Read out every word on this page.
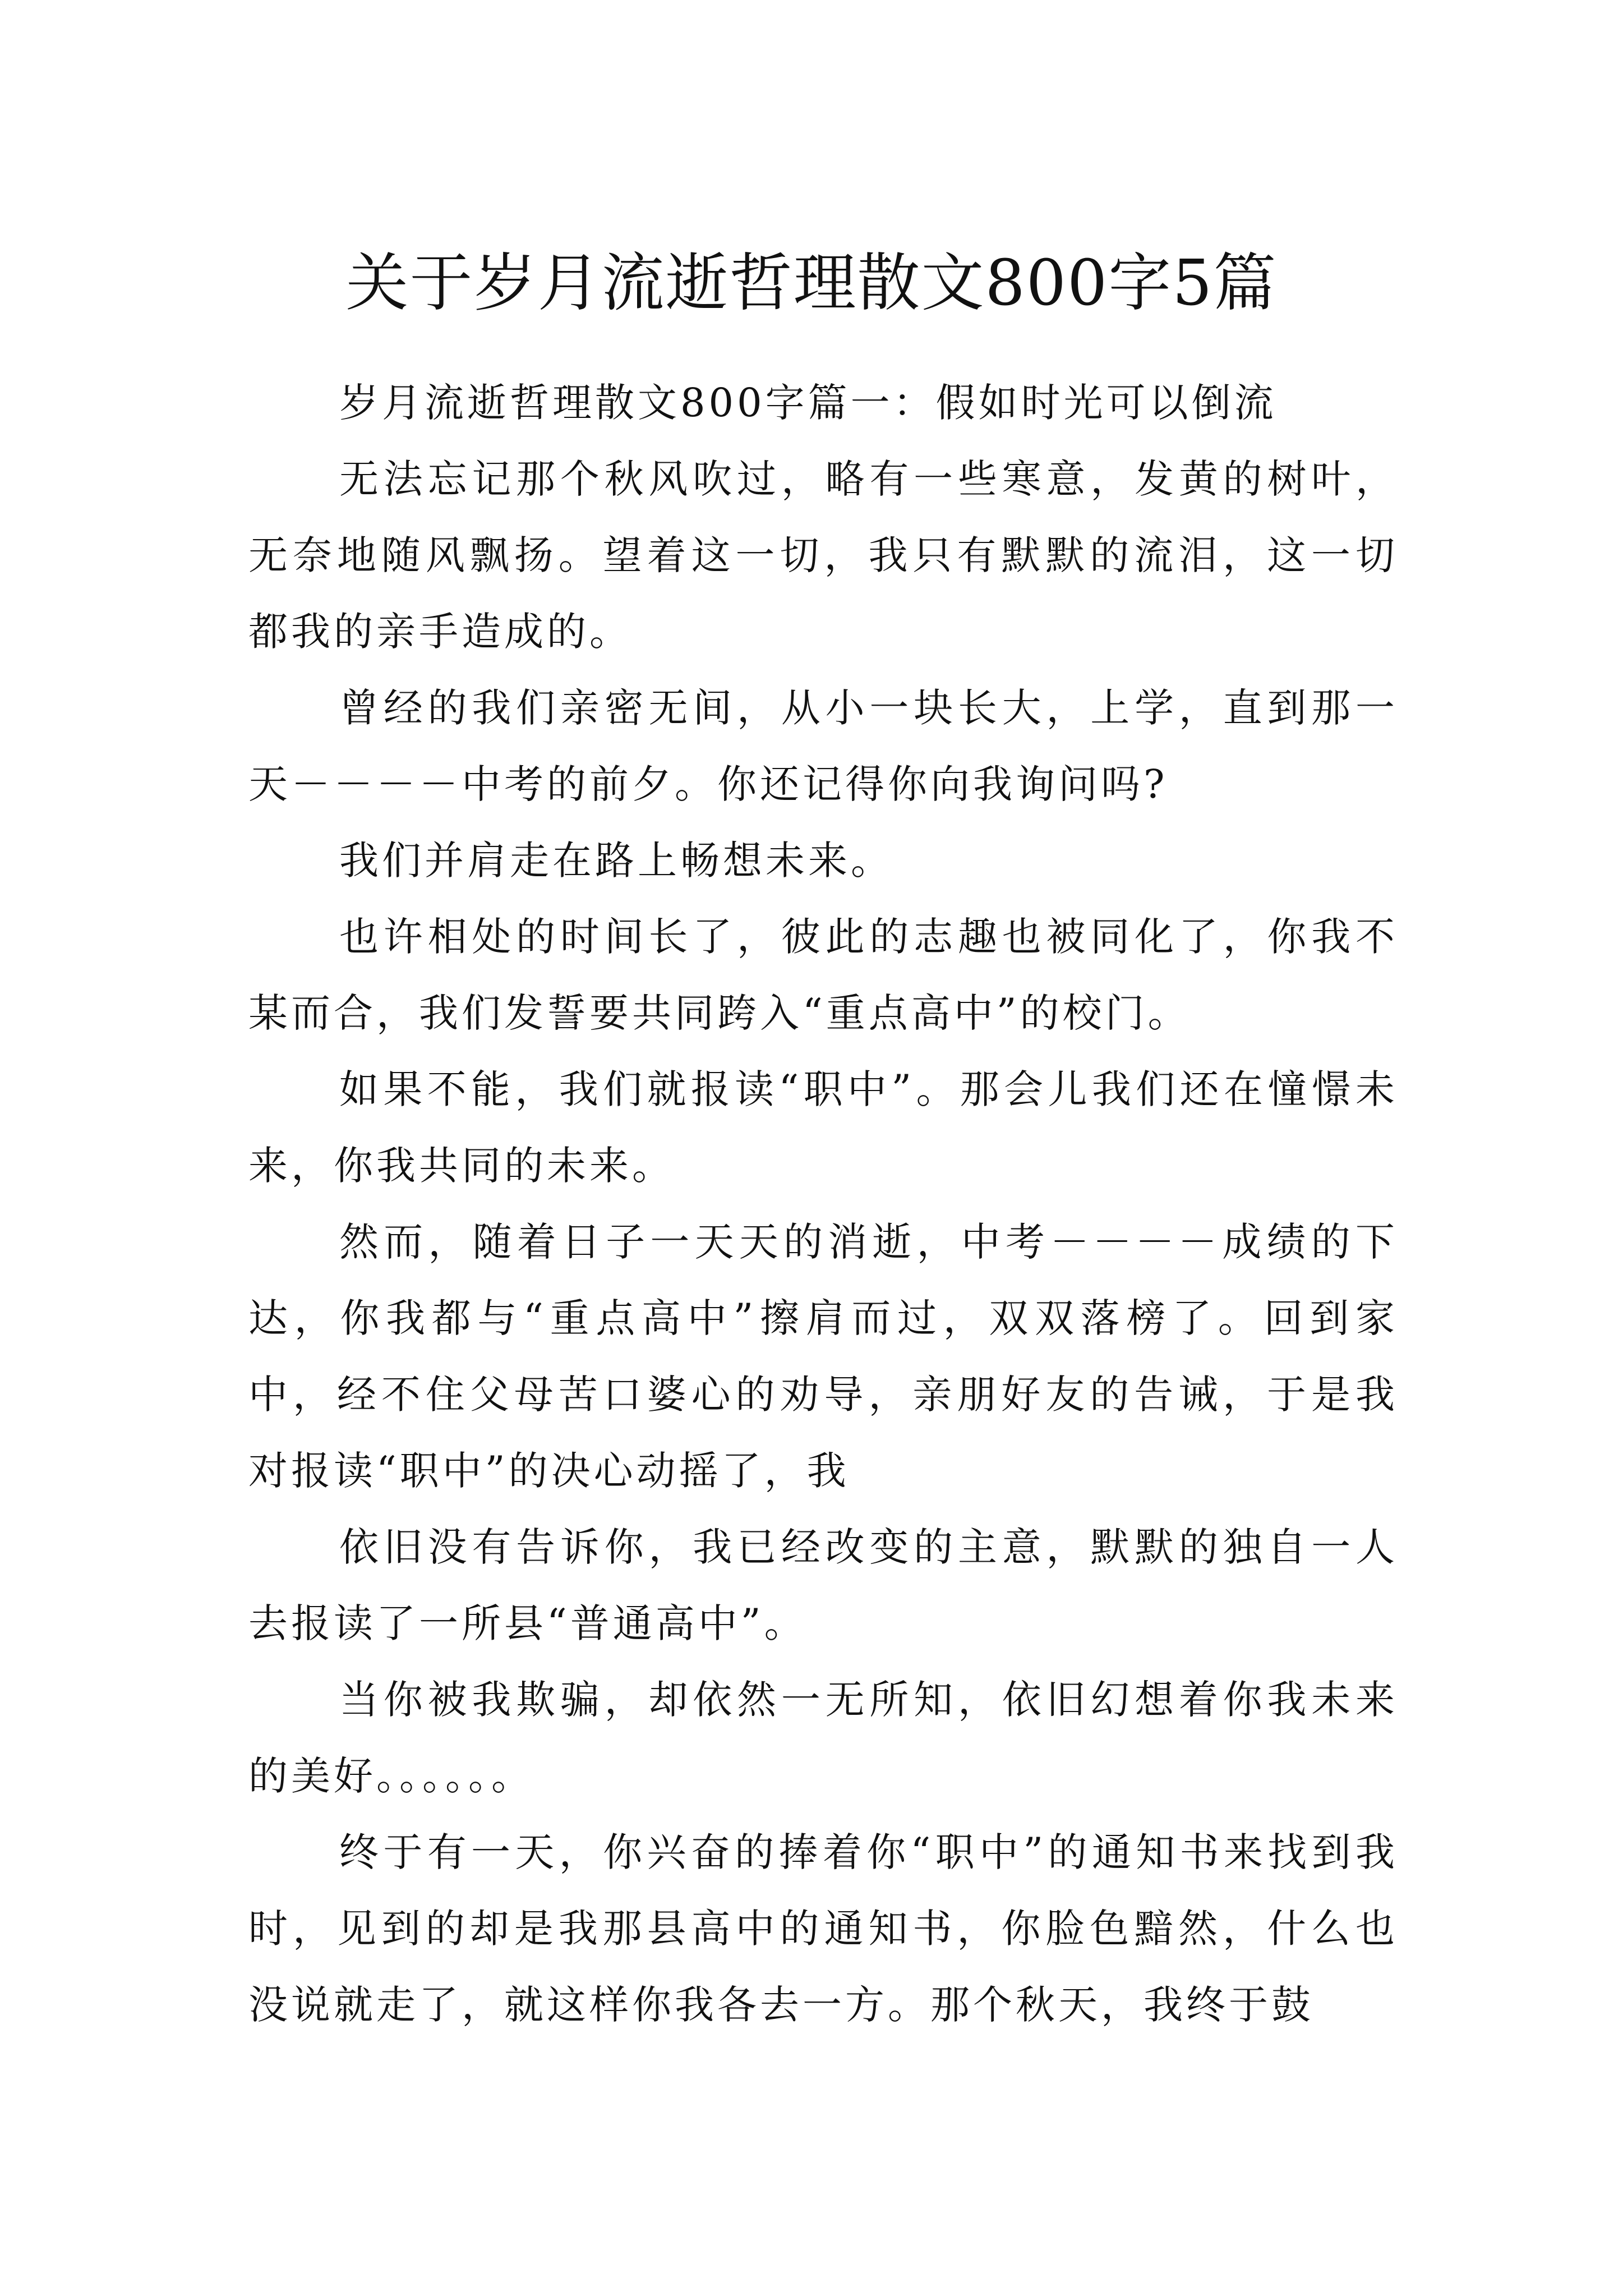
关于岁月流逝哲理散文800字5篇

岁月流逝哲理散文800字篇一：假如时光可以倒流

无法忘记那个秋风吹过，略有一些寒意，发黄的树叶，无奈地随风飘扬。望着这一切，我只有默默的流泪，这一切都我的亲手造成的。

曾经的我们亲密无间，从小一块长大，上学，直到那一天－－－－中考的前夕。你还记得你向我询问吗?

我们并肩走在路上畅想未来。

也许相处的时间长了，彼此的志趣也被同化了，你我不某而合，我们发誓要共同跨入“重点高中”的校门。

如果不能，我们就报读“职中”。那会儿我们还在憧憬未来，你我共同的未来。

然而，随着日子一天天的消逝，中考－－－－成绩的下达，你我都与“重点高中”擦肩而过，双双落榜了。回到家中，经不住父母苦口婆心的劝导，亲朋好友的告诫，于是我对报读“职中”的决心动摇了，我

依旧没有告诉你，我已经改变的主意，默默的独自一人去报读了一所县“普通高中”。

当你被我欺骗，却依然一无所知，依旧幻想着你我未来的美好。。。。。。

终于有一天，你兴奋的捧着你“职中”的通知书来找到我时，见到的却是我那县高中的通知书，你脸色黯然，什么也没说就走了，就这样你我各去一方。那个秋天，我终于鼓
